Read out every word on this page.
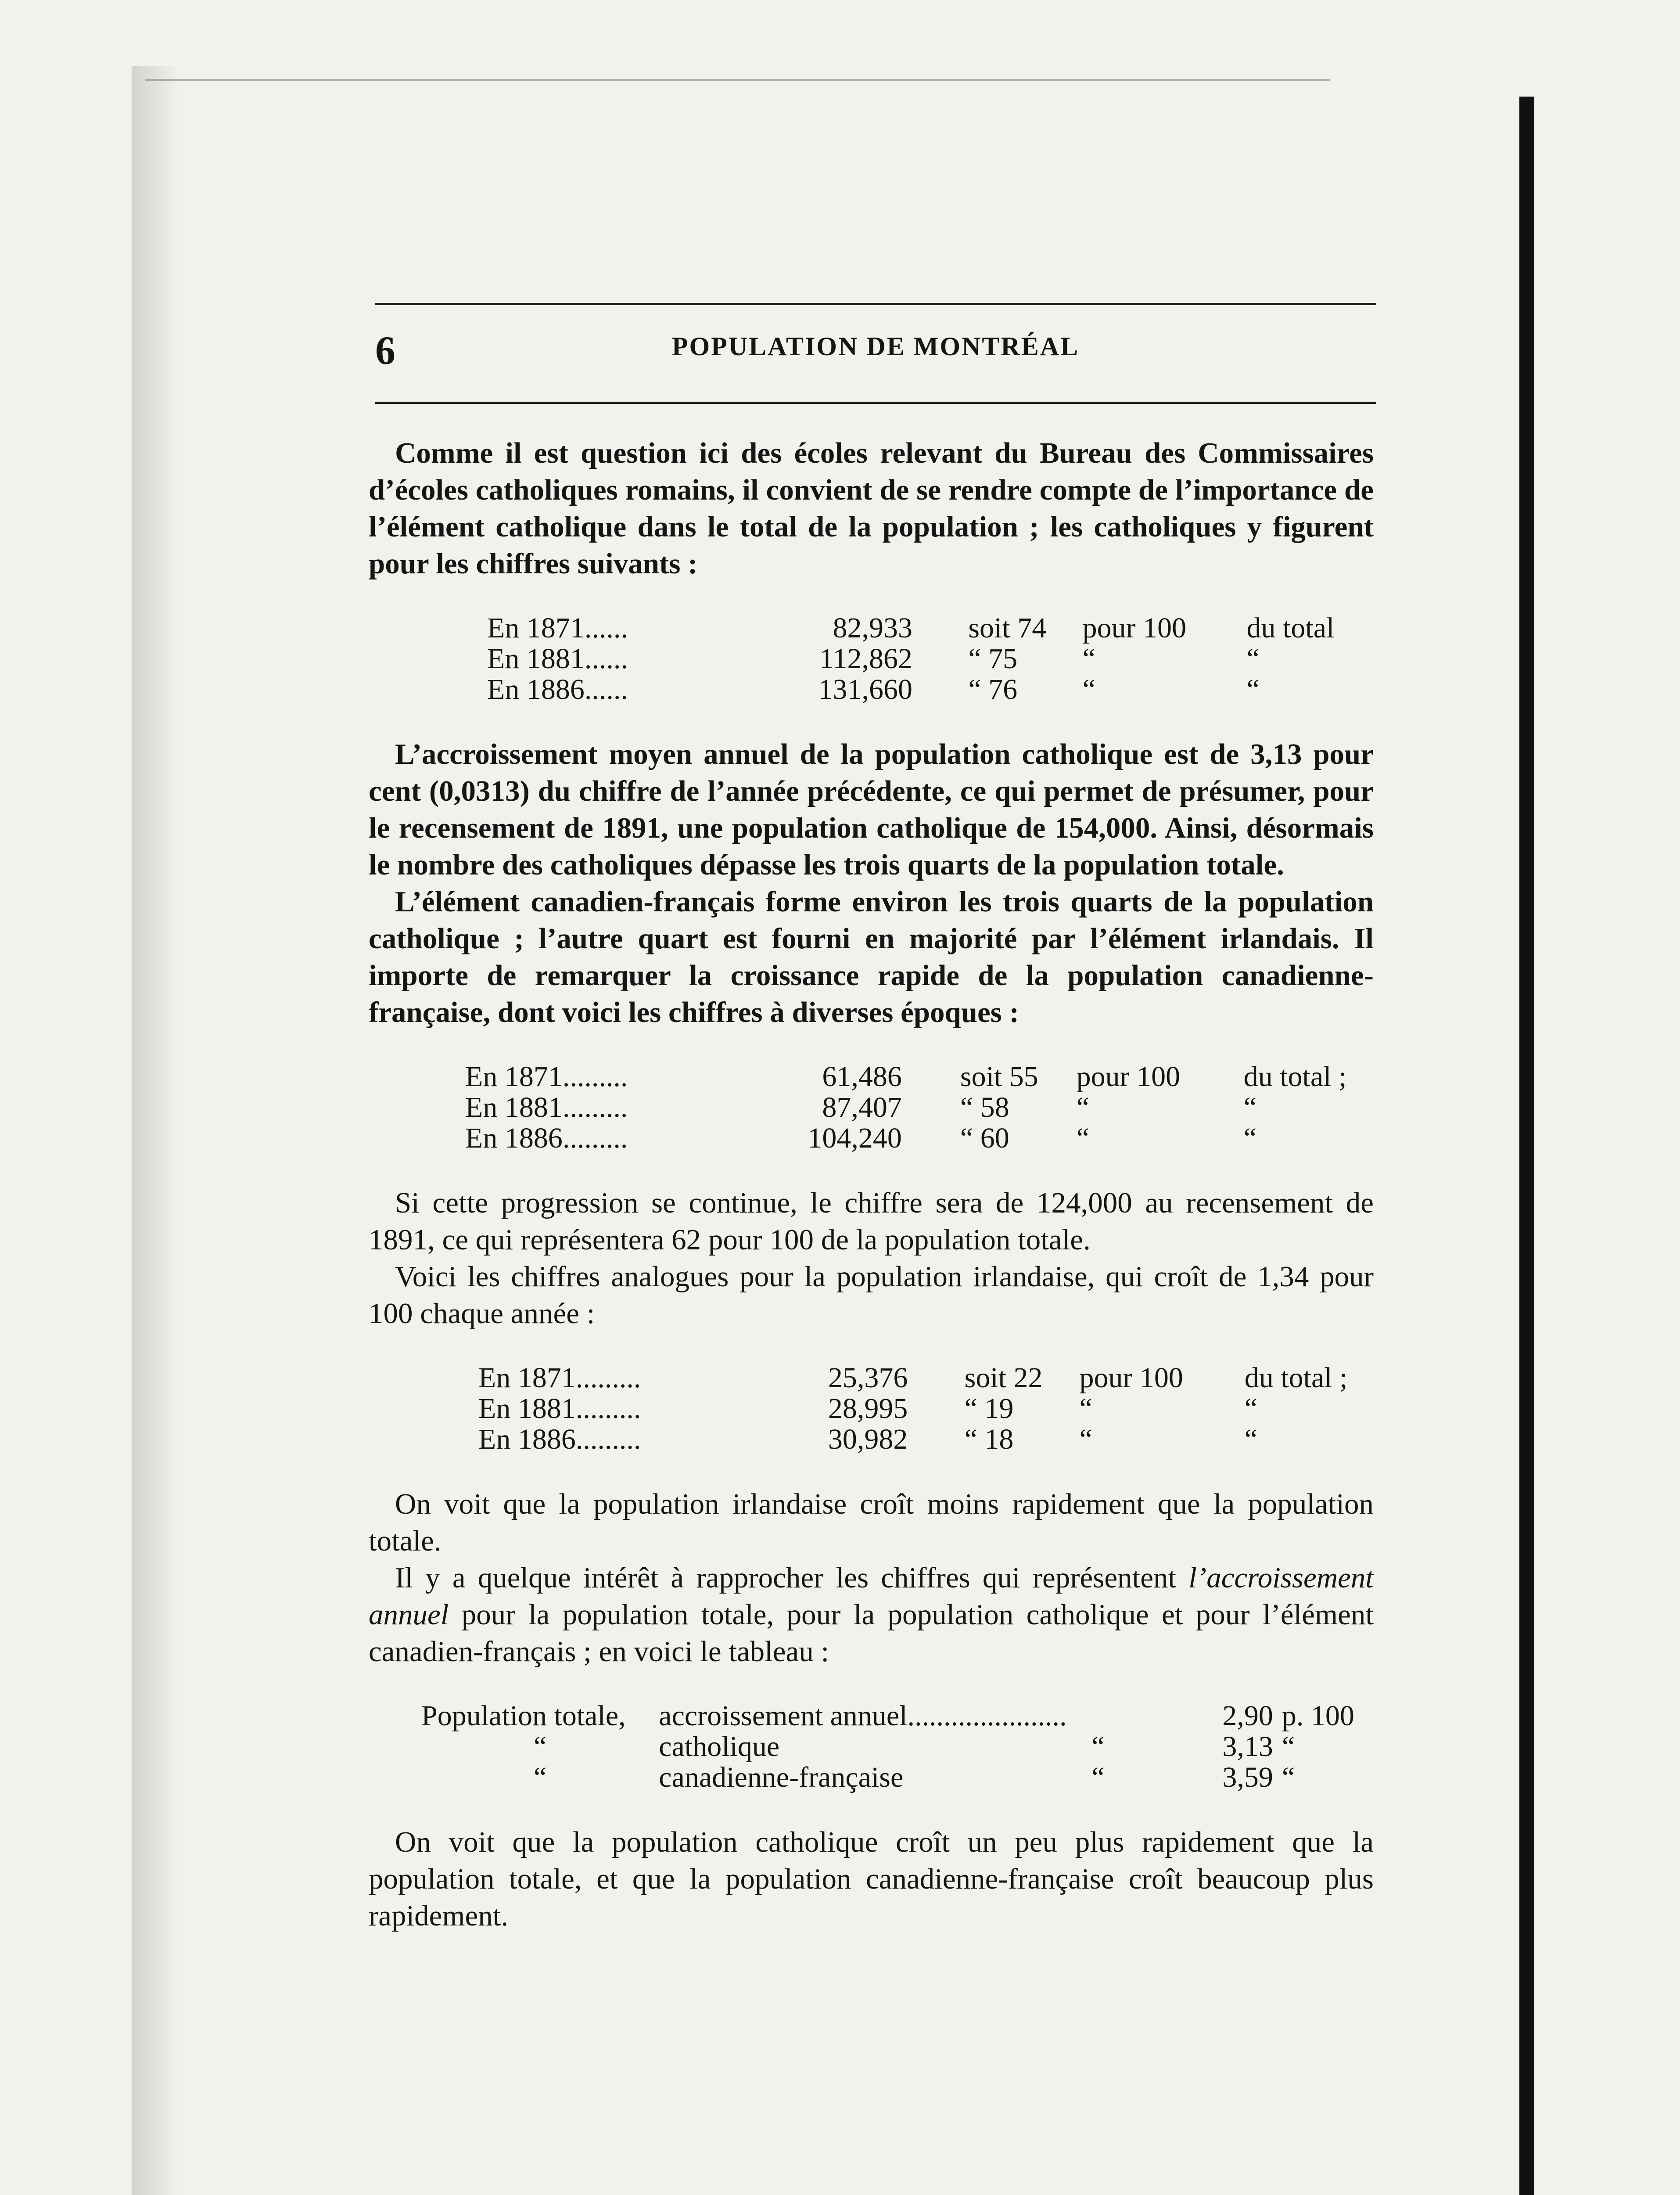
6	POPULATION DE MONTRÉAL

Comme il est question ici des écoles relevant du Bureau des Commissaires d’écoles catholiques romains, il convient de se rendre compte de l’importance de l’élément catholique dans le total de la population ; les catholiques y figurent pour les chiffres suivants :

En 1871......	82,933		soit 74	pour 100	du total
En 1881......	112,862		“ 75	“	“
En 1886......	131,660		“ 76	“	“

L’accroissement moyen annuel de la population catholique est de 3,13 pour cent (0,0313) du chiffre de l’année précédente, ce qui permet de présumer, pour le recensement de 1891, une population catholique de 154,000. Ainsi, désormais le nombre des catholiques dépasse les trois quarts de la population totale.

L’élément canadien-français forme environ les trois quarts de la population catholique ; l’autre quart est fourni en majorité par l’élément irlandais. Il importe de remarquer la croissance rapide de la population canadienne-française, dont voici les chiffres à diverses époques :

En 1871.........	61,486		soit 55	pour 100	du total ;
En 1881.........	87,407		“ 58	“	“
En 1886.........	104,240		“ 60	“	“

Si cette progression se continue, le chiffre sera de 124,000 au recensement de 1891, ce qui représentera 62 pour 100 de la population totale.

Voici les chiffres analogues pour la population irlandaise, qui croît de 1,34 pour 100 chaque année :

En 1871.........	25,376		soit 22	pour 100	du total ;
En 1881.........	28,995		“ 19	“	“
En 1886.........	30,982		“ 18	“	“

On voit que la population irlandaise croît moins rapidement que la population totale.

Il y a quelque intérêt à rapprocher les chiffres qui représentent l’accroissement annuel pour la population totale, pour la population catholique et pour l’élément canadien-français ; en voici le tableau :

Population totale,	accroissement annuel......................		2,90	p. 100
“	catholique	“	3,13	“
“	canadienne-française	“	3,59	“

On voit que la population catholique croît un peu plus rapidement que la population totale, et que la population canadienne-française croît beaucoup plus rapidement.
